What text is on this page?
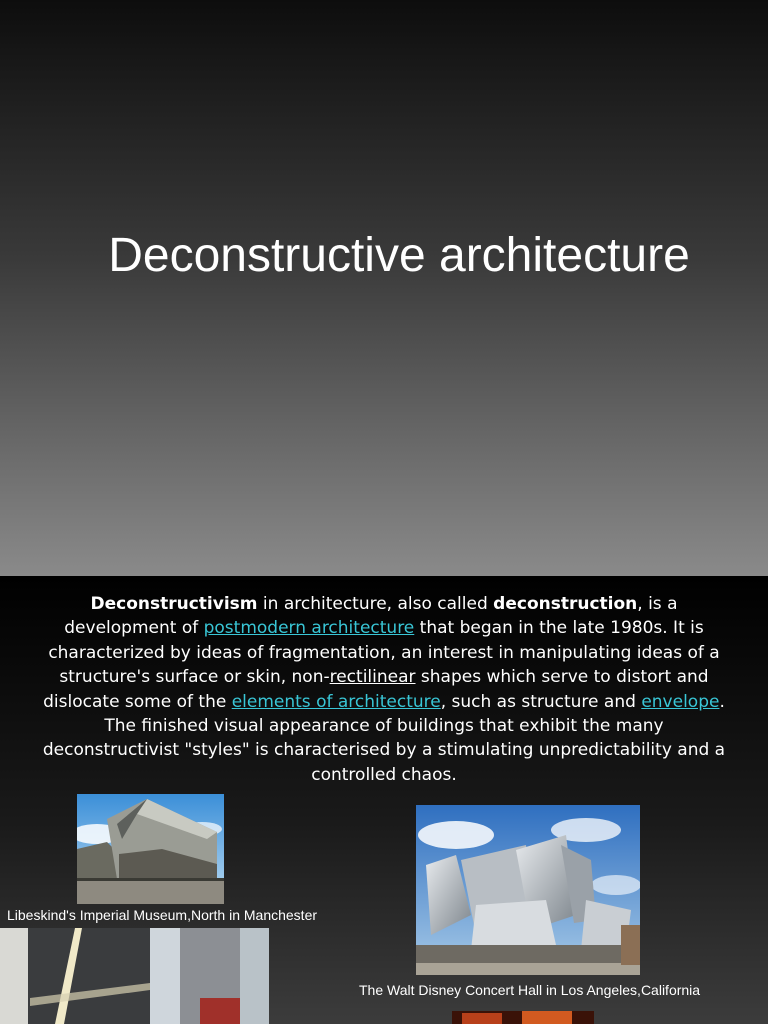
Deconstructive architecture
Deconstructivism in architecture, also called deconstruction, is a development of postmodern architecture that began in the late 1980s. It is characterized by ideas of fragmentation, an interest in manipulating ideas of a structure's surface or skin, non-rectilinear shapes which serve to distort and dislocate some of the elements of architecture, such as structure and envelope. The finished visual appearance of buildings that exhibit the many deconstructivist "styles" is characterised by a stimulating unpredictability and a controlled chaos.
Libeskind's Imperial Museum,North in Manchester
The Walt Disney Concert Hall in Los Angeles,California
